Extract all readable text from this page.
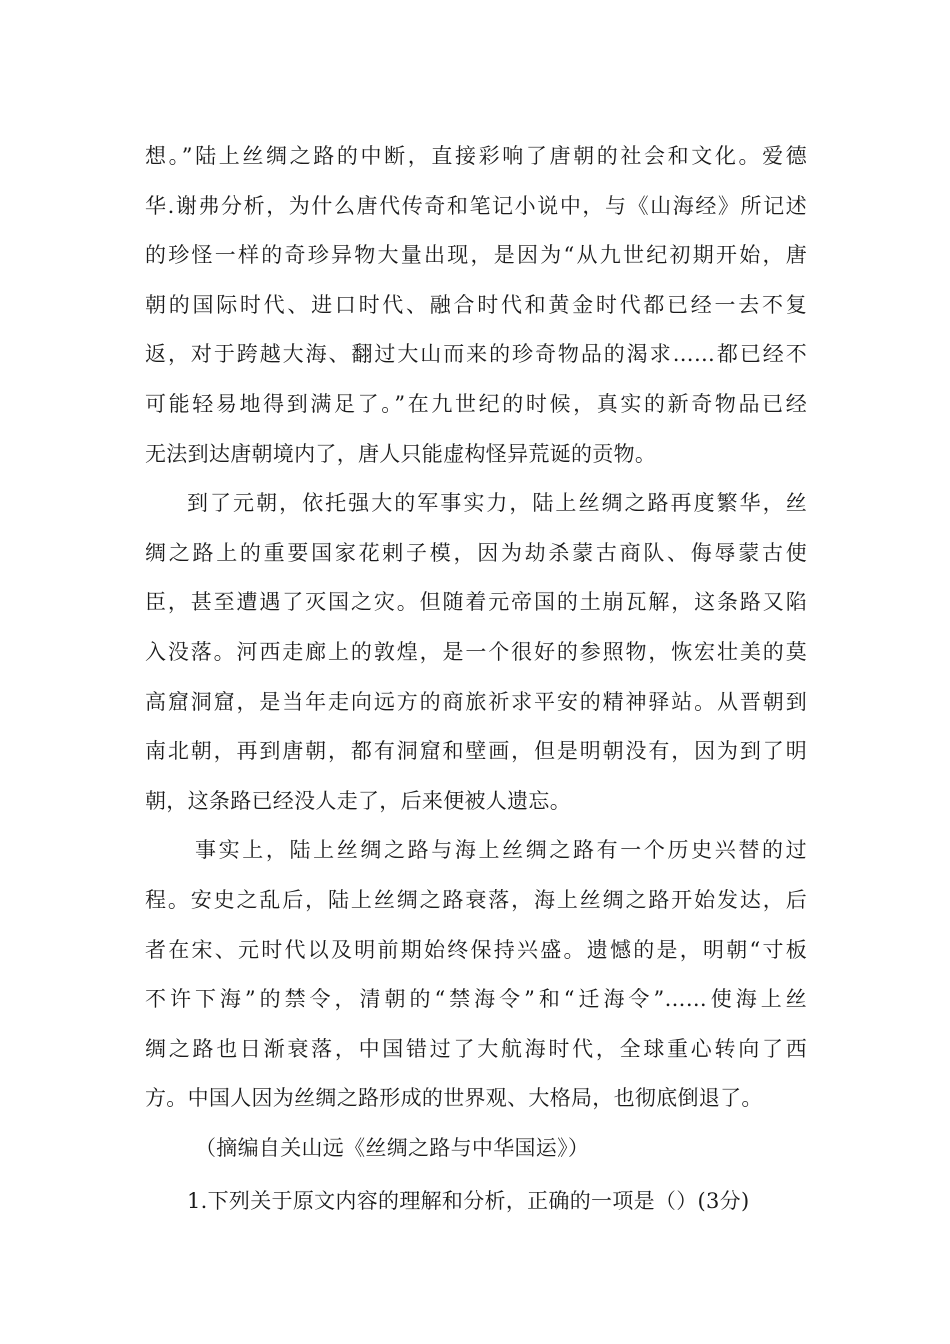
想。”陆上丝绸之路的中断，直接彩响了唐朝的社会和文化。爱德
华.谢弗分析，为什么唐代传奇和笔记小说中，与《山海经》所记述
的珍怪一样的奇珍异物大量出现，是因为“从九世纪初期开始，唐
朝的国际时代、进口时代、融合时代和黄金时代都已经一去不复
返，对于跨越大海、翻过大山而来的珍奇物品的渴求……都已经不
可能轻易地得到满足了。”在九世纪的时候，真实的新奇物品已经
无法到达唐朝境内了，唐人只能虚构怪异荒诞的贡物。
到了元朝，依托强大的军事实力，陆上丝绸之路再度繁华，丝
绸之路上的重要国家花剌子模，因为劫杀蒙古商队、侮辱蒙古使
臣，甚至遭遇了灭国之灾。但随着元帝国的土崩瓦解，这条路又陷
入没落。河西走廊上的敦煌，是一个很好的参照物，恢宏壮美的莫
高窟洞窟，是当年走向远方的商旅祈求平安的精神驿站。从晋朝到
南北朝，再到唐朝，都有洞窟和壁画，但是明朝没有，因为到了明
朝，这条路已经没人走了，后来便被人遗忘。
事实上，陆上丝绸之路与海上丝绸之路有一个历史兴替的过
程。安史之乱后，陆上丝绸之路衰落，海上丝绸之路开始发达，后
者在宋、元时代以及明前期始终保持兴盛。遗憾的是，明朝“寸板
不许下海”的禁令，清朝的“禁海令”和“迁海令”……使海上丝
绸之路也日渐衰落，中国错过了大航海时代，全球重心转向了西
方。中国人因为丝绸之路形成的世界观、大格局，也彻底倒退了。
（摘编自关山远《丝绸之路与中华国运》）
1.下列关于原文内容的理解和分析，正确的一项是（）(3分)
